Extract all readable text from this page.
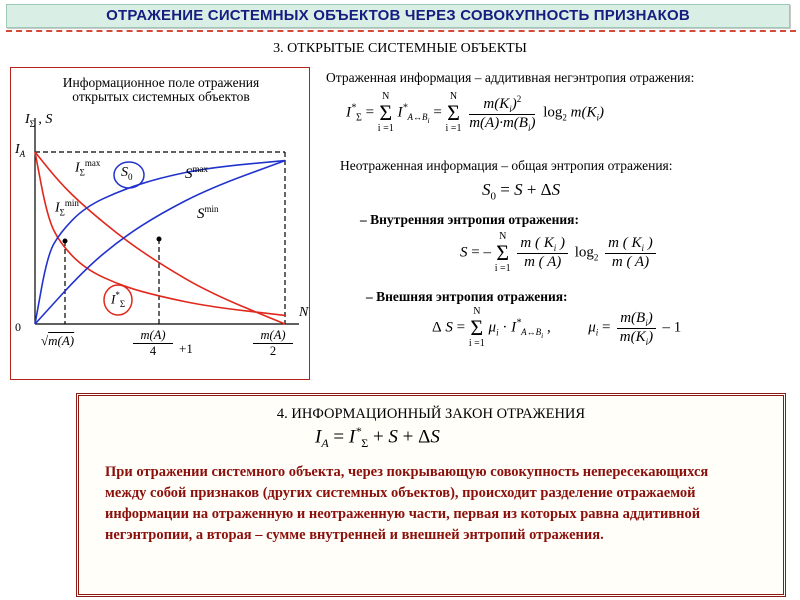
ОТРАЖЕНИЕ СИСТЕМНЫХ ОБЪЕКТОВ ЧЕРЕЗ СОВОКУПНОСТЬ ПРИЗНАКОВ
3. ОТКРЫТЫЕ СИСТЕМНЫЕ ОБЪЕКТЫ
Информационное поле отражения
открытых системных объектов
$I_\Sigma$ , S
$I_A$
0
N
$I_\Sigma^{max}$
$I_\Sigma^{min}$
$S^{max}$
$S^{min}$
$S_0$
$I^*_\Sigma$
√m(A)	$\frac{m(A)}{4} +1$	$\frac{m(A)}{2}$
Отраженная информация – аддитивная негэнтропия отражения:
$I^*_\Sigma = N$
Σ
i =1 $I^*_{A\leftrightarrow B_i} = N$
Σ
$i =1 \frac{m(K_i)^2}{m(A)\cdot m(B_i)} \log_2 m(K_i)$
Неотраженная информация – общая энтропия отражения:
$S_0 = S + \Delta S$
– Внутренняя энтропия отражения:
S = – N
Σ
$i =1 \frac{m ( K_i )}{m ( A)} \log_2 \frac{m ( K_i )}{m ( A)}$
– Внешняя энтропия отражения:
Δ S = N
Σ
i =1 $\mu_i \cdot I^*_{A\leftrightarrow B_i}$ ,  $\mu_i = \frac{m(B_i)}{m(K_i)} - 1$
4. ИНФОРМАЦИОННЫЙ ЗАКОН ОТРАЖЕНИЯ
$I_A = I^*_\Sigma + S + \Delta S$
При отражении системного объекта, через покрывающую совокупность непересекающихся между собой признаков (других системных объектов), происходит разделение отражаемой информации на отраженную и неотраженную части, первая из которых равна аддитивной негэнтропии, а вторая – сумме внутренней и внешней энтропий отражения.
